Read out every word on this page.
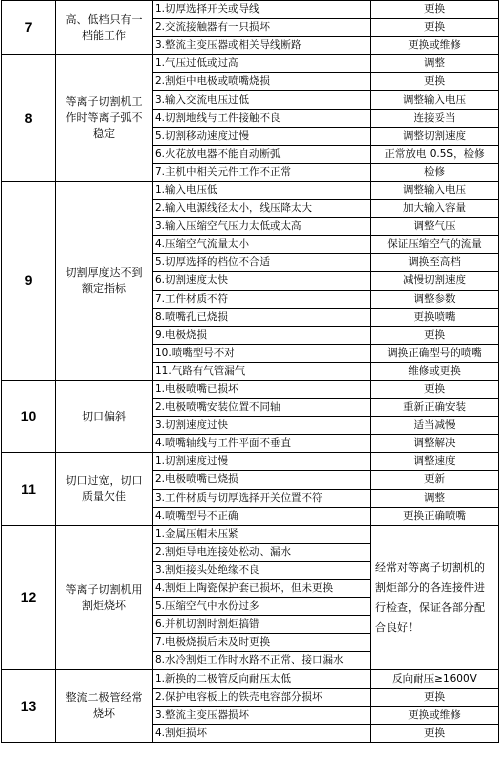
7	高、低档只有一档能工作	1.切厚选择开关或导线	更换
		2.交流接触器有一只损坏	更换
		3.整流主变压器或相关导线断路	更换或维修
8	等离子切割机工作时等离子弧不稳定	1.气压过低或过高	调整
		2.割炬中电极或喷嘴烧损	更换
		3.输入交流电压过低	调整输入电压
		4.切割地线与工件接触不良	连接妥当
		5.切割移动速度过慢	调整切割速度
		6.火花放电器不能自动断弧	正常放电 0.5S，检修
		7.主机中相关元件工作不正常	检修
9	切割厚度达不到额定指标	1.输入电压低	调整输入电压
		2.输入电源线径太小，线压降太大	加大输入容量
		3.输入压缩空气压力太低或太高	调整气压
		4.压缩空气流量太小	保证压缩空气的流量
		5.切厚选择的档位不合适	调换至高档
		6.切割速度太快	减慢切割速度
		7.工件材质不符	调整参数
		8.喷嘴孔已烧损	更换喷嘴
		9.电极烧损	更换
		10.喷嘴型号不对	调换正确型号的喷嘴
		11.气路有气管漏气	维修或更换
10	切口偏斜	1.电极喷嘴已损坏	更换
		2.电极喷嘴安装位置不同轴	重新正确安装
		3.切割速度过快	适当减慢
		4.喷嘴轴线与工件平面不垂直	调整解决
11	切口过宽，切口质量欠佳	1.切割速度过慢	调整速度
		2.电极喷嘴已烧损	更新
		3.工件材质与切厚选择开关位置不符	调整
		4.喷嘴型号不正确	更换正确喷嘴
12	等离子切割机用割炬烧坏	1.金属压帽未压紧	经常对等离子切割机的割炬部分的各连接件进行检查，保证各部分配合良好！
		2.割炬导电连接处松动、漏水	
		3.割炬接头处绝缘不良	
		4.割炬上陶瓷保护套已损坏，但未更换	
		5.压缩空气中水份过多	
		6.并机切割时割炬搞错	
		7.电极烧损后未及时更换	
		8.水冷割炬工作时水路不正常、接口漏水	
13	整流二极管经常烧坏	1.新换的二极管反向耐压太低	反向耐压≥1600V
		2.保护电容板上的铁壳电容部分损坏	更换
		3.整流主变压器损坏	更换或维修
		4.割炬损坏	更换
